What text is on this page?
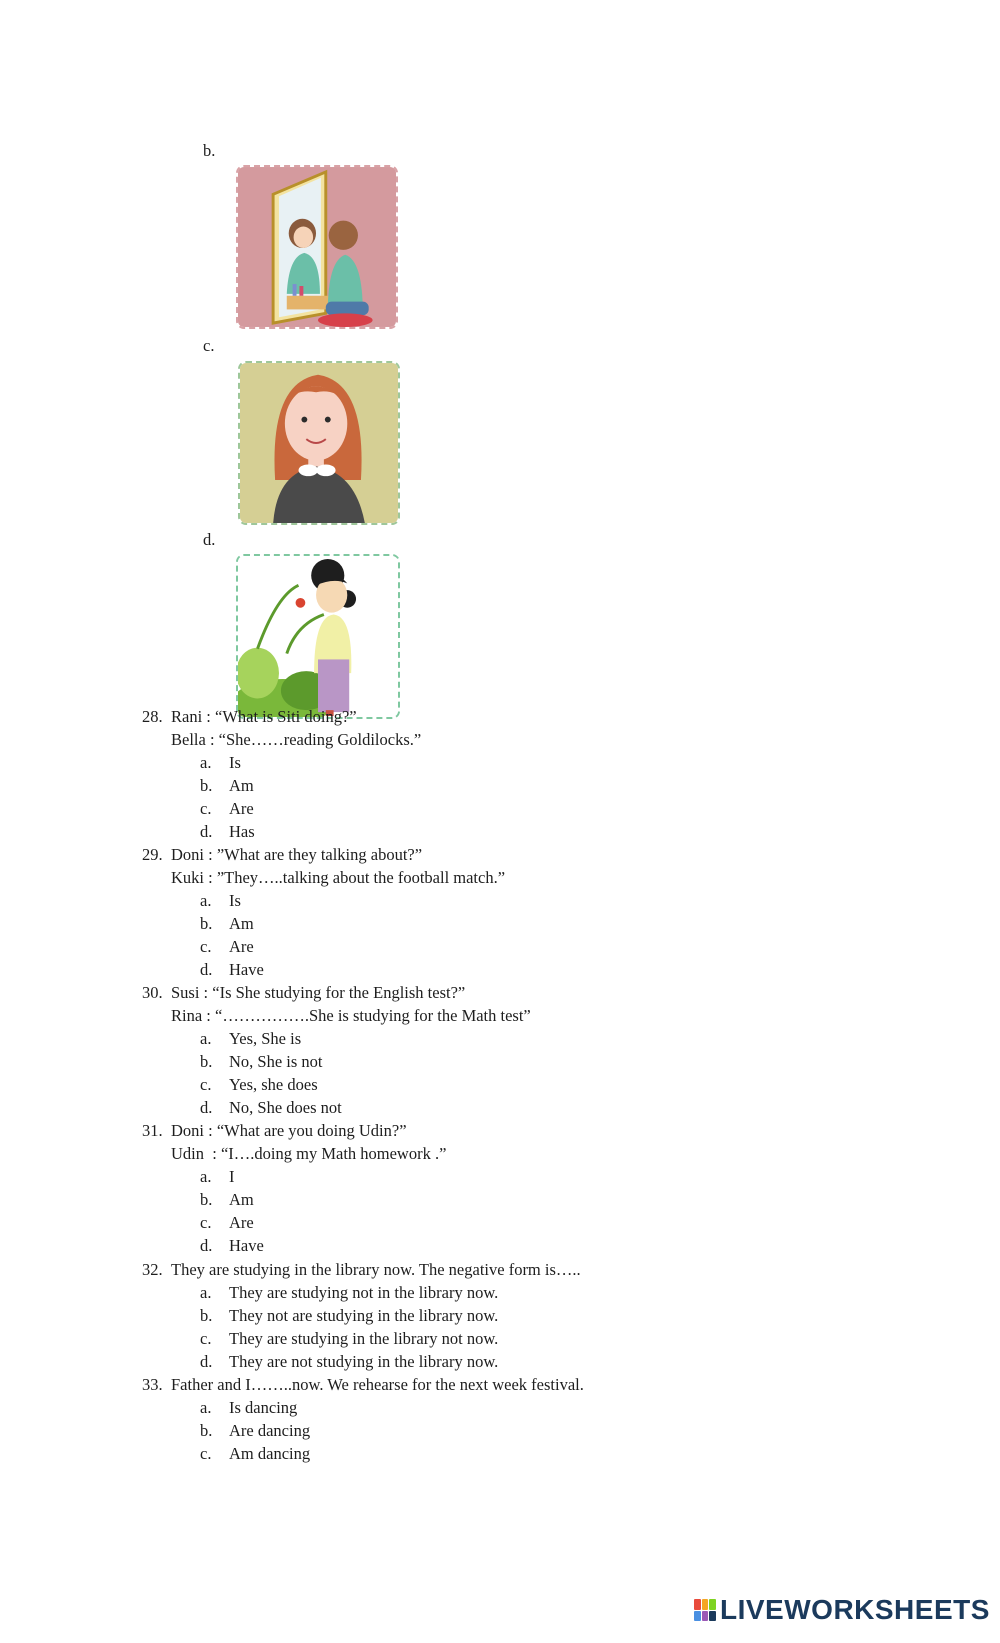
b.
c.
d.
28. Rani : “What is Siti doing?”
Bella : “She……reading Goldilocks.”
a. Is
b. Am
c. Are
d. Has
29. Doni : ”What are they talking about?”
Kuki : ”They…..talking about the football match.”
a. Is
b. Am
c. Are
d. Have
30. Susi : “Is She studying for the English test?”
Rina : “…………….She is studying for the Math test”
a. Yes, She is
b. No, She is not
c. Yes, she does
d. No, She does not
31. Doni : “What are you doing Udin?”
Udin  : “I….doing my Math homework .”
a. I
b. Am
c. Are
d. Have
32. They are studying in the library now. The negative form is…..
a. They are studying not in the library now.
b. They not are studying in the library now.
c. They are studying in the library not now.
d. They are not studying in the library now.
33. Father and I……..now. We rehearse for the next week festival.
a. Is dancing
b. Are dancing
c. Am dancing
LIVEWORKSHEETS
